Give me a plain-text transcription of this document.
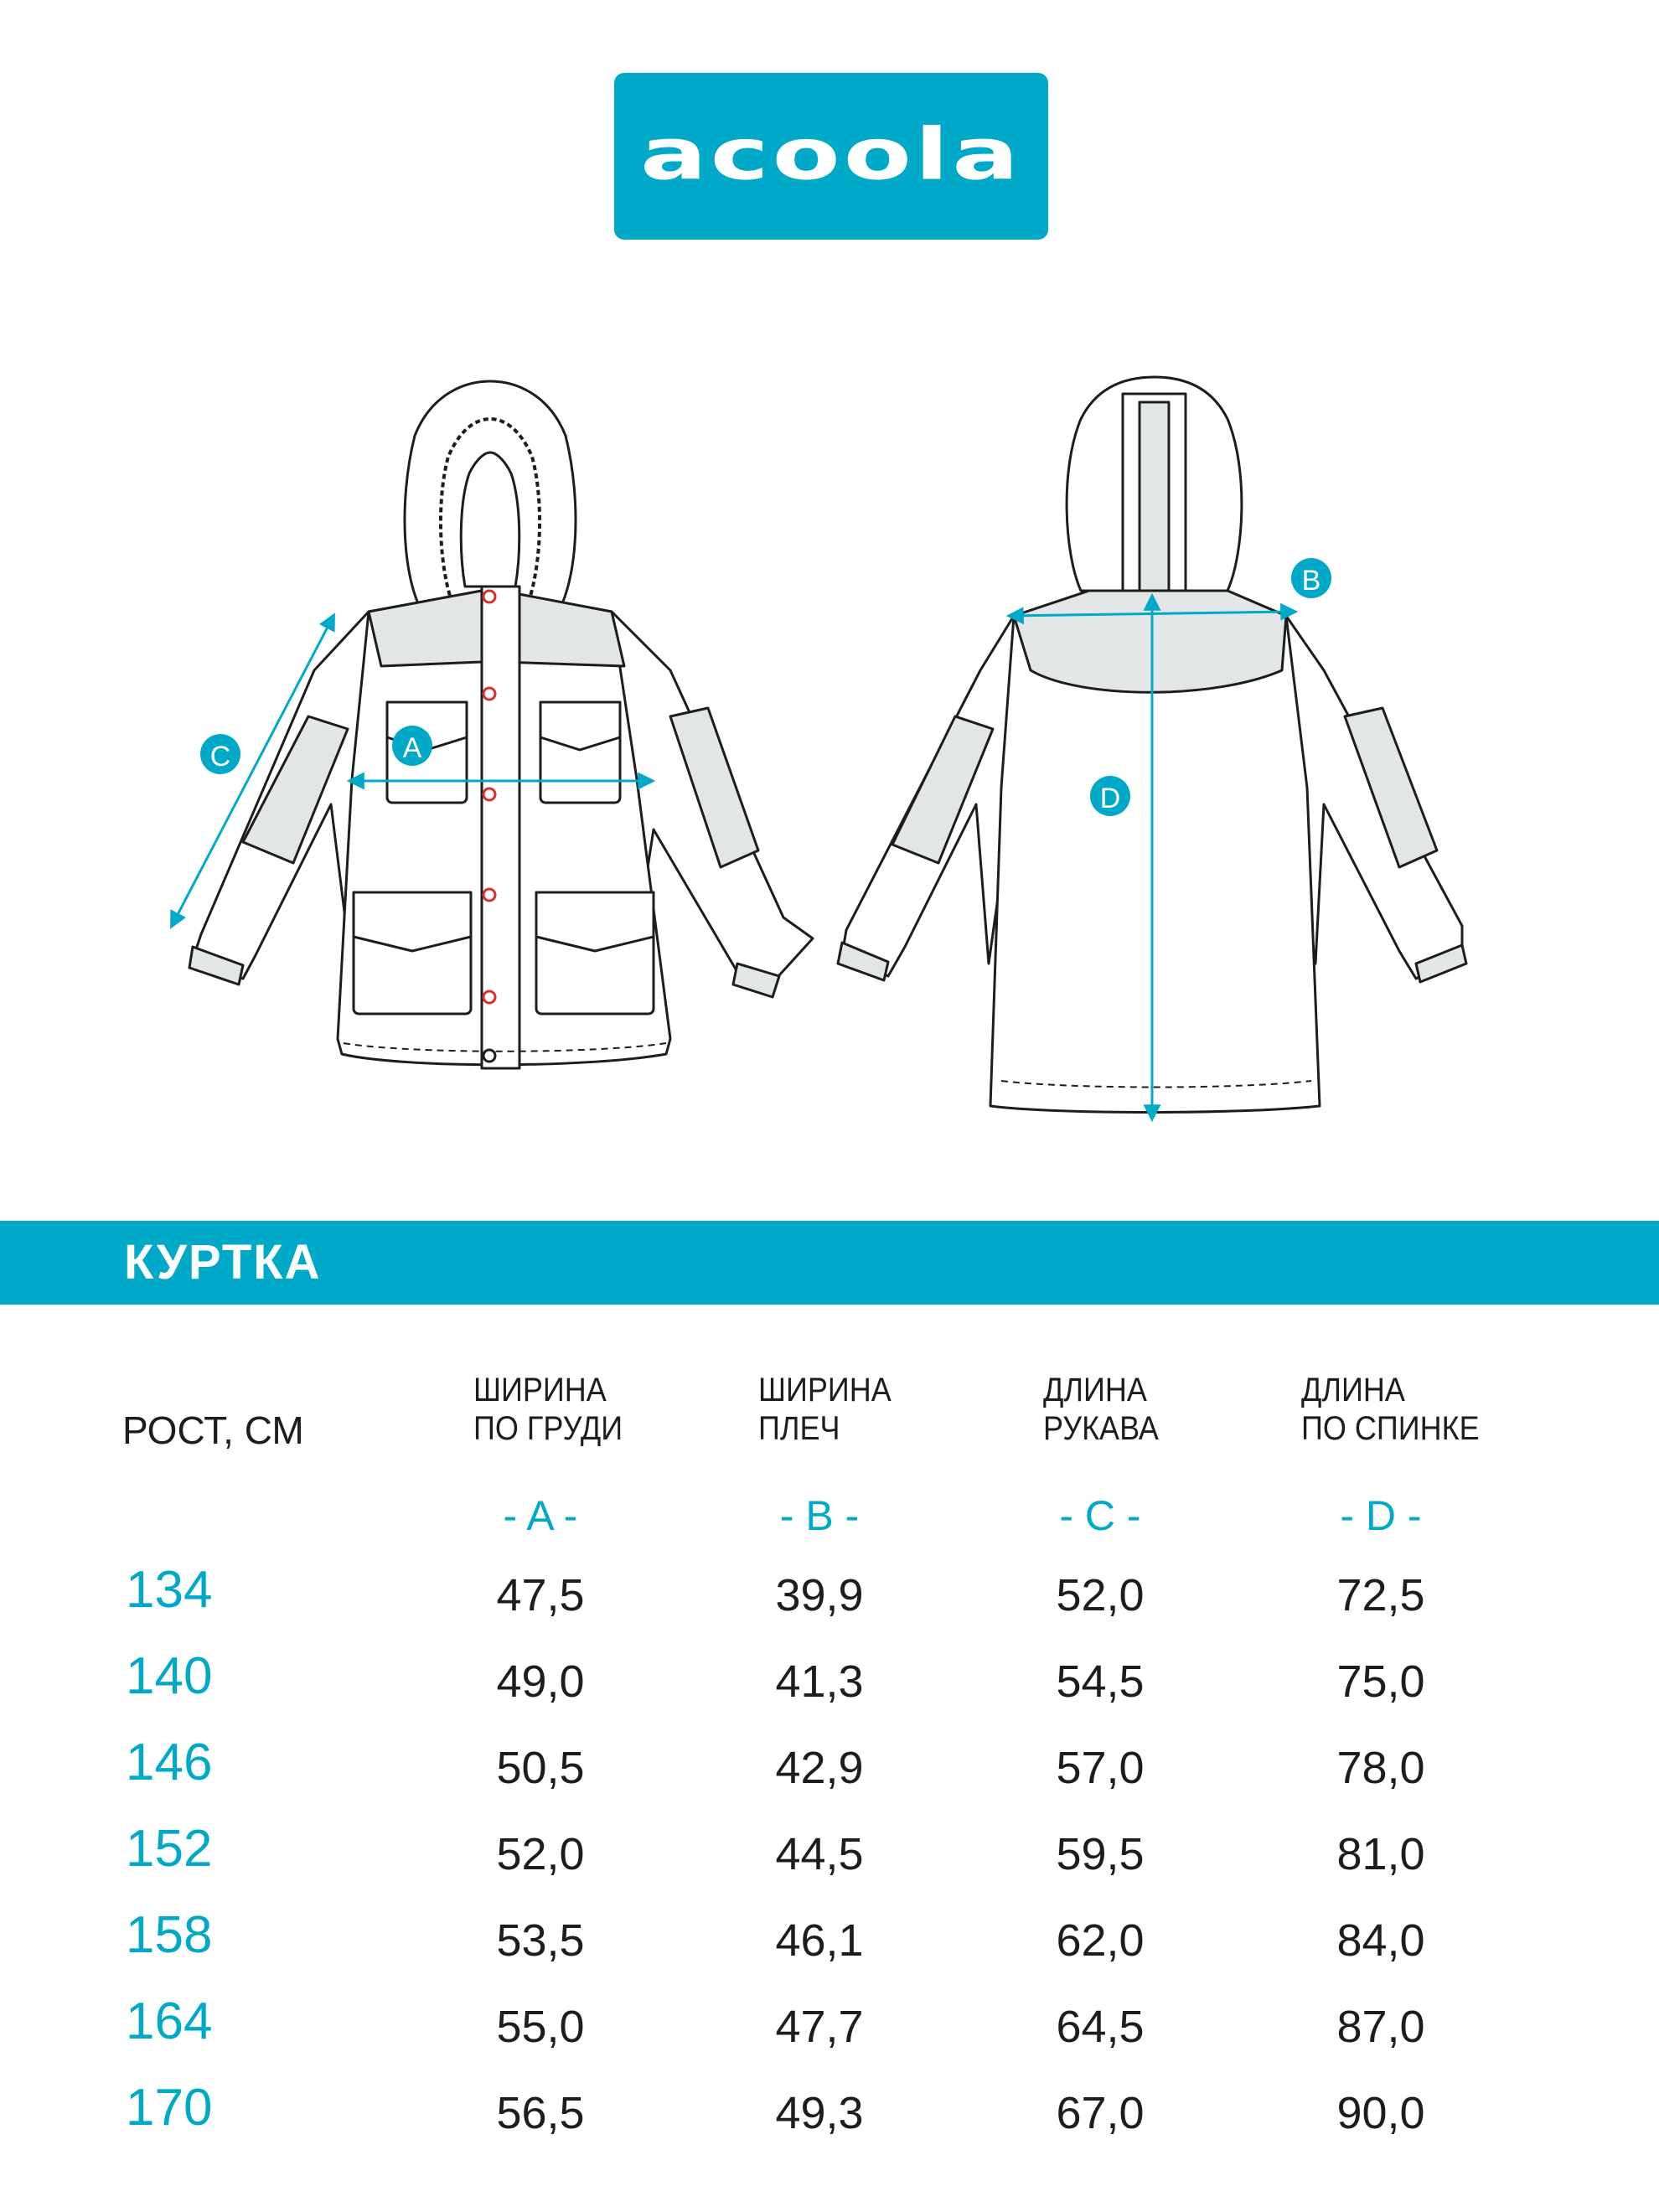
acoola
A
C
B
D
КУРТКА
РОСТ, СМ
ШИРИНА
ПО ГРУДИ
ШИРИНА
ПЛЕЧ
ДЛИНА
РУКАВА
ДЛИНА
ПО СПИНКЕ
- A -	- B -	- C -	- D -
134	47,5	39,9	52,0	72,5
140	49,0	41,3	54,5	75,0
146	50,5	42,9	57,0	78,0
152	52,0	44,5	59,5	81,0
158	53,5	46,1	62,0	84,0
164	55,0	47,7	64,5	87,0
170	56,5	49,3	67,0	90,0
